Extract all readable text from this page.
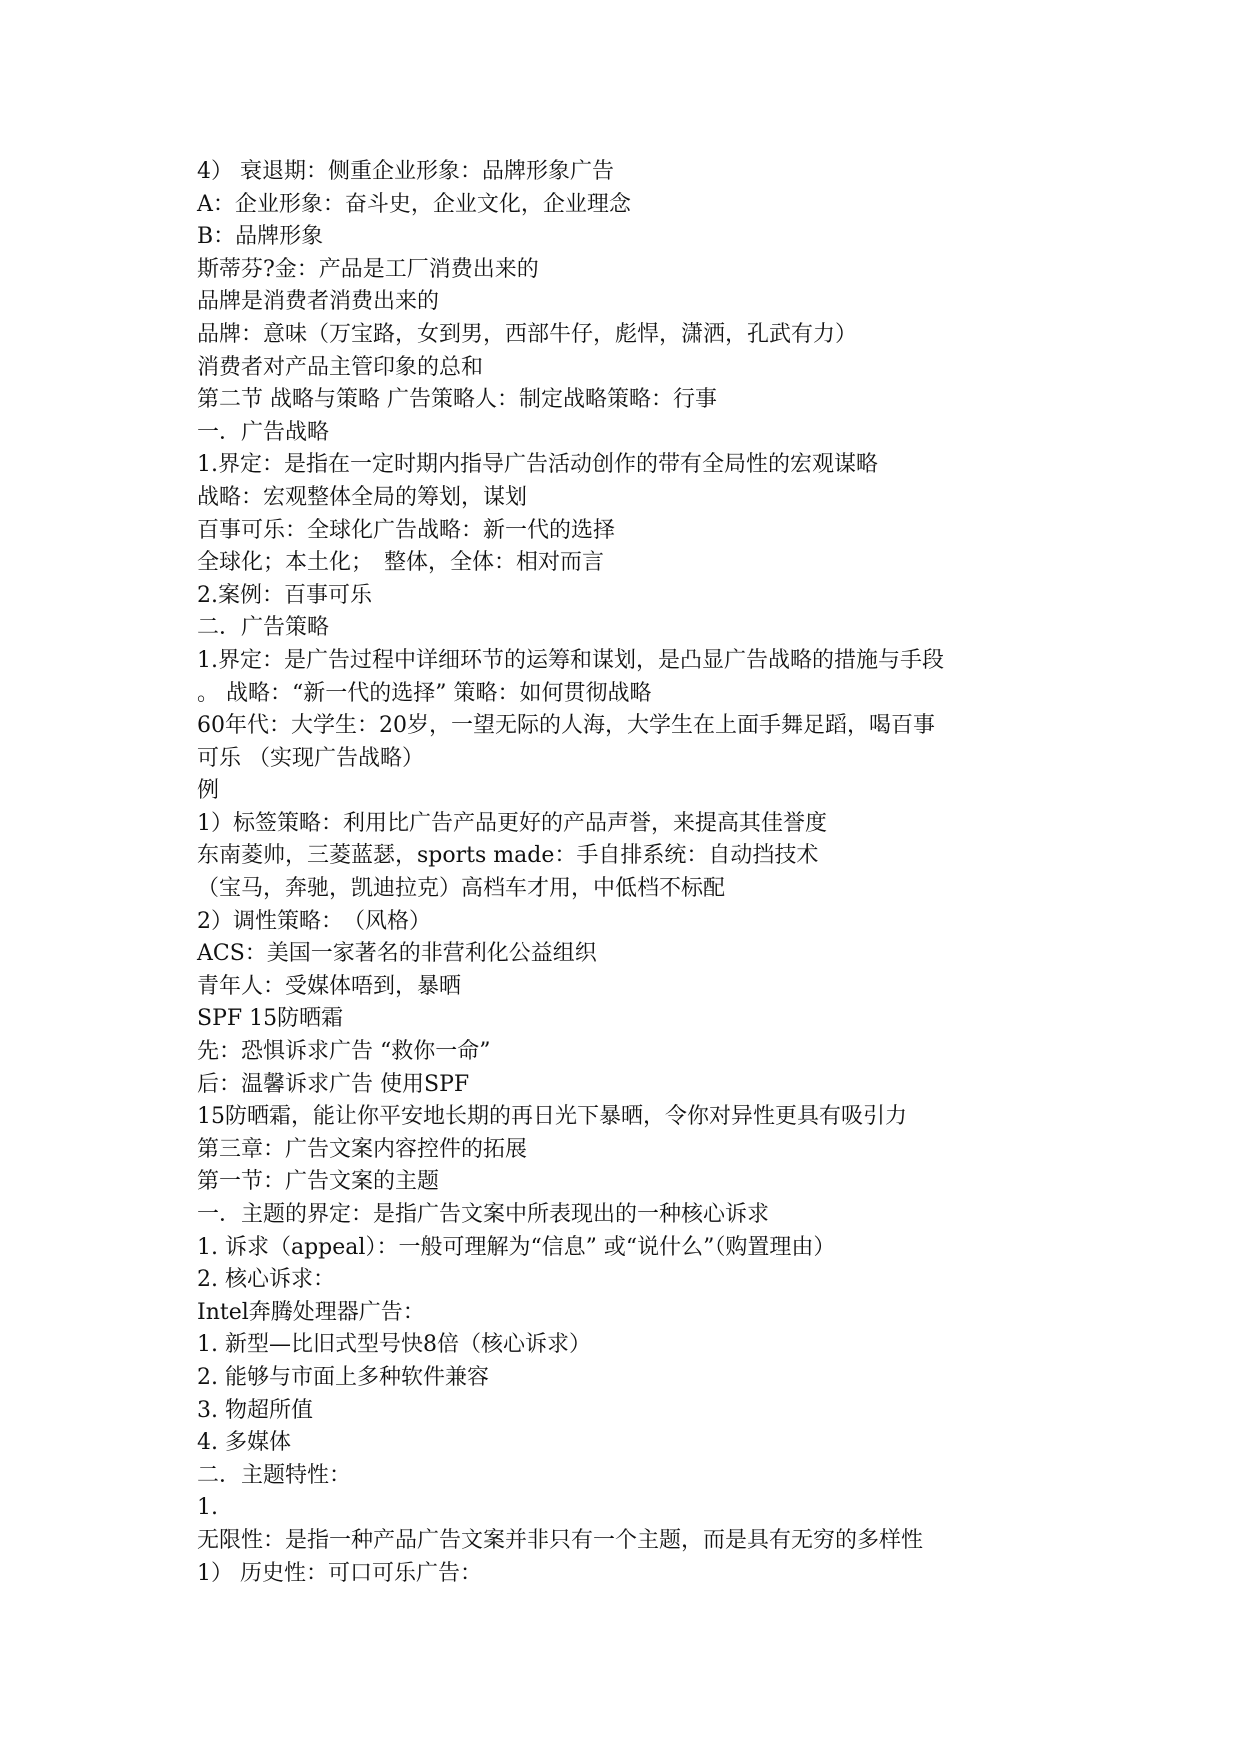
4） 衰退期：侧重企业形象：品牌形象广告
A：企业形象：奋斗史，企业文化，企业理念
B：品牌形象
斯蒂芬?金：产品是工厂消费出来的
品牌是消费者消费出来的
品牌：意味（万宝路，女到男，西部牛仔，彪悍，潇洒，孔武有力）
消费者对产品主管印象的总和
第二节 战略与策略 广告策略人：制定战略策略：行事
一．广告战略
1.界定：是指在一定时期内指导广告活动创作的带有全局性的宏观谋略
战略：宏观整体全局的筹划，谋划
百事可乐：全球化广告战略：新一代的选择
全球化；本土化；　整体，全体：相对而言
2.案例：百事可乐
二．广告策略
1.界定：是广告过程中详细环节的运筹和谋划，是凸显广告战略的措施与手段
。 战略：“新一代的选择” 策略：如何贯彻战略
60年代：大学生：20岁，一望无际的人海，大学生在上面手舞足蹈，喝百事
可乐 （实现广告战略）
例
1）标签策略：利用比广告产品更好的产品声誉，来提高其佳誉度
东南菱帅，三菱蓝瑟，sports made：手自排系统：自动挡技术
（宝马，奔驰，凯迪拉克）高档车才用，中低档不标配
2）调性策略：　（风格）
ACS：美国一家著名的非营利化公益组织
青年人：受媒体唔到，暴晒
SPF 15防晒霜
先：恐惧诉求广告 “救你一命”
后：温馨诉求广告 使用SPF
15防晒霜，能让你平安地长期的再日光下暴晒，令你对异性更具有吸引力
第三章：广告文案内容控件的拓展
第一节：广告文案的主题
一．主题的界定：是指广告文案中所表现出的一种核心诉求
1. 诉求（appeal）：一般可理解为“信息” 或“说什么”（购置理由）
2. 核心诉求：
Intel奔腾处理器广告：
1. 新型—比旧式型号快8倍（核心诉求）
2. 能够与市面上多种软件兼容
3. 物超所值
4. 多媒体
二．主题特性：
1.
无限性：是指一种产品广告文案并非只有一个主题，而是具有无穷的多样性
1） 历史性：可口可乐广告：
